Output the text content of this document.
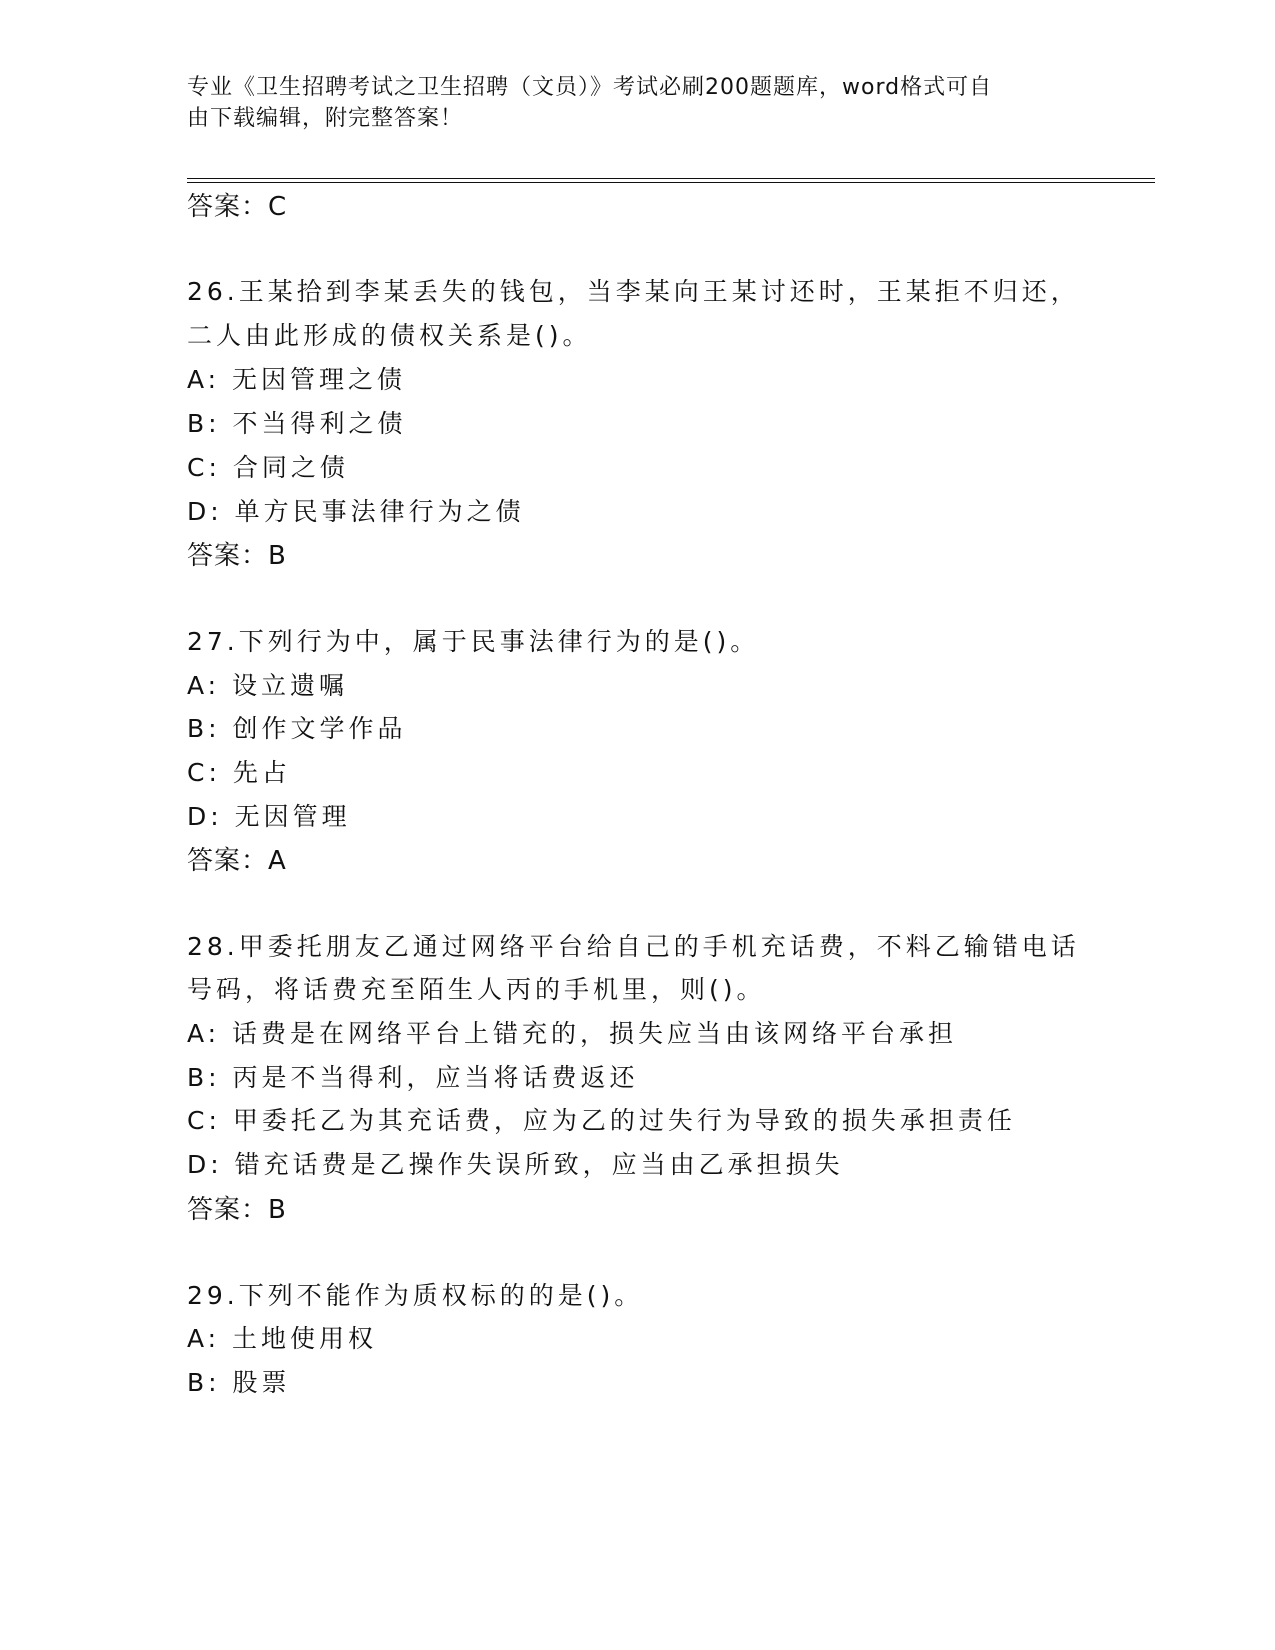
专业《卫生招聘考试之卫生招聘（文员）》考试必刷200题题库，word格式可自
由下载编辑，附完整答案！
答案：C
26.王某拾到李某丢失的钱包，当李某向王某讨还时，王某拒不归还，
二人由此形成的债权关系是()。
A: 无因管理之债
B: 不当得利之债
C: 合同之债
D: 单方民事法律行为之债
答案：B
27.下列行为中，属于民事法律行为的是()。
A: 设立遗嘱
B: 创作文学作品
C: 先占
D: 无因管理
答案：A
28.甲委托朋友乙通过网络平台给自己的手机充话费，不料乙输错电话
号码，将话费充至陌生人丙的手机里，则()。
A: 话费是在网络平台上错充的，损失应当由该网络平台承担
B: 丙是不当得利，应当将话费返还
C: 甲委托乙为其充话费，应为乙的过失行为导致的损失承担责任
D: 错充话费是乙操作失误所致，应当由乙承担损失
答案：B
29.下列不能作为质权标的的是()。
A: 土地使用权
B: 股票
